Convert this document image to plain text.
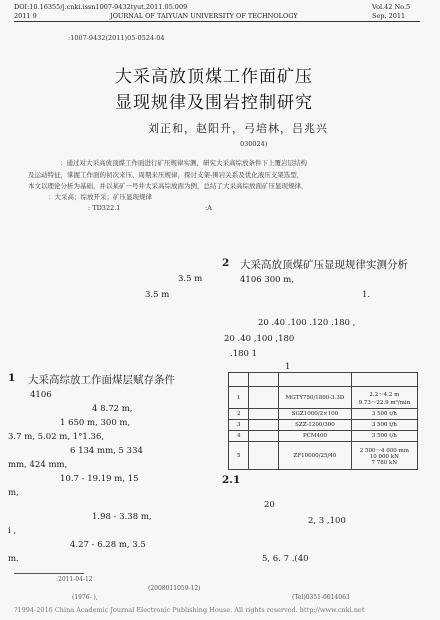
DOI:10.16355/j.cnki.issn1007-9432tyut.2011.05.009
2011 9	JOURNAL OF TAIYUAN UNIVERSITY OF TECHNOLOGY
Vol.42 No.5
Sep. 2011
:1007-9432(2011)05-0524-04
大采高放顶煤工作面矿压
显现规律及围岩控制研究
刘正和，赵阳升，弓培林，吕兆兴
030024)
：通过对大采高放顶煤工作面进行矿压规律实测，研究大采高综放条件下上覆岩层结构
及运动特征，掌握工作面的初次来压、周期来压规律，探讨支架-围岩关系及优化液压支架选型，
本文以理论分析为基础，并以某矿一号井大采高综放面为例，总结了大采高综放面矿压显现规律，
：大采高；综放开采；矿压显现规律
: TD322.1	:A
3.5 m
3.5 m
1 大采高综放工作面煤层赋存条件
4106
4 8.72 m,
1 650 m, 300 m,
3.7 m, 5.02 m, 1°1.36,
6 134 mm, 5 334
mm, 424 mm,
10.7 - 19.19 m, 15
m,
1.98 - 3.38 m,
i ,
4.27 - 6.28 m, 3.5
m.
2 大采高放顶煤矿压显现规律实测分析
4106 300 m,
1.
20 .40 .100 .120 .180 ,
20 .40 ,100 ,180
.180 1
1

1		MGTY750/1800-3.3D	2.2～4.2 m
9.73～22.9 m³/min
2		SGZ1000/2×100	3 500 t/h
3		SZZ-1200/300	3 500 t/h
4		PCM400	3 500 t/h
5		ZF10000/25/40	2 500～4 000 mm
10 000 kN
7 780 kN
2.1
20
2, 3 ,100
5, 6. 7 .(40
:2011-04-12
(2008011059-12)
(1976- ),	(Tel)0351-6014063
?1994-2016 China Academic Journal Electronic Publishing House. All rights reserved. http://www.cnki.net
